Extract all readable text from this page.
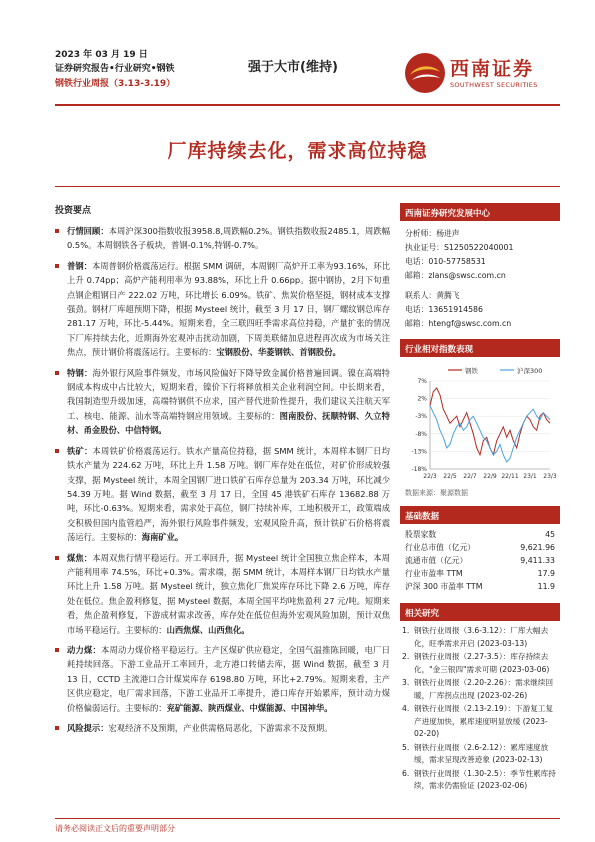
2023 年 03 月 19 日
证券研究报告•行业研究•钢铁
钢铁行业周报（3.13-3.19）
强于大市(维持)	西南证券
SOUTHWEST SECURITIES
厂库持续去化，需求高位持稳
投资要点
行情回顾：本周沪深300指数收报3958.8,周跌幅0.2%。钢铁指数收报2485.1，周跌幅0.5%。本周钢铁各子板块，普钢-0.1%,特钢-0.7%。
普钢：本周普钢价格震荡运行。根据 SMM 调研，本周钢厂高炉开工率为93.16%，环比上升 0.74pp；高炉产能利用率为 93.88%，环比上升 0.66pp。据中钢协，2月下旬重点钢企粗钢日产 222.02 万吨，环比增长 6.09%。铁矿、焦炭价格坚挺，钢材成本支撑强劲。钢材厂库超预期下降，根据 Mysteel 统计，截至 3 月 17 日，钢厂螺纹钢总库存 281.17 万吨，环比-5.44%。短期来看，全三联四旺季需求高位持稳，产量扩张的情况下厂库持续去化，近期海外宏观冲击扰动加剧，下周美联储加息进程再次成为市场关注焦点，预计钢价将震荡运行。主要标的：宝钢股份、华菱钢铁、首钢股份。
特钢：海外银行风险事件频发，市场风险偏好下降导致金属价格普遍回调。镍在高端特钢成本构成中占比较大，短期来看，镍价下行将释放相关企业利润空间。中长期来看，我国制造型升级加速，高端特钢供不应求，国产替代进阶性提升，我们建议关注航天军工、核电、能源、汕水等高端特钢应用领域。主要标的：图南股份、抚顺特钢、久立特材、甬金股份、中信特钢。
铁矿：本周铁矿价格震荡运行。铁水产量高位持稳，据 SMM 统计，本周样本钢厂日均铁水产量为 224.62 万吨，环比上升 1.58 万吨。钢厂库存处在低位，对矿价形成较强支撑，据 Mysteel 统计，本周全国钢厂进口铁矿石库存总量为 203.34 万吨，环比减少 54.39 万吨。据 Wind 数据，截至 3 月 17 日，全国 45 港铁矿石库存 13682.88 万吨，环比-0.63%。短期来看，需求处于高位，钢厂持续补库，工地积极开工，政策端成交积极但国内监管趋严，海外银行风险事件频发，宏观风险升高，预计铁矿石价格将震荡运行。主要标的：海南矿业。
煤焦：本周双焦行情平稳运行。开工率回升，据 Mysteel 统计全国独立焦企样本，本周产能利用率 74.5%，环比+0.3%。需求端，据 SMM 统计，本周样本钢厂日均铁水产量环比上升 1.58 万吨。据 Mysteel 统计，独立焦化厂焦炭库存环比下降 2.6 万吨，库存处在低位。焦企盈利修复，据 Mysteel 数据，本周全国平均吨焦盈利 27 元/吨。短期来看，焦企盈利修复，下游成材需求改善，库存处在低位但海外宏观风险加剧，预计双焦市场平稳运行。主要标的：山西焦煤、山西焦化。
动力煤：本周动力煤价格平稳运行。主产区煤矿供应稳定，全国气温推陈回暖，电厂日耗持续回落。下游工业品开工率回升，北方港口转储去库，据 Wind 数据，截至 3 月 13 日，CCTD 主流港口合计煤炭库存 6198.80 万吨，环比+2.79%。短期来看，主产区供应稳定，电厂需求回落，下游工业品开工率提升，港口库存开始累库，预计动力煤价格偏弱运行。主要标的：兖矿能源、陕西煤业、中煤能源、中国神华。
风险提示：宏观经济不及预期，产业供需格局恶化，下游需求不及预期。
西南证券研究发展中心
分析师：杨进声
执业证号：S1250522040001
电话：010-57758531
邮箱：zlans@swsc.com.cn
联系人：黄腾飞
电话：13651914586
邮箱：htengf@swsc.com.cn
行业相对指数表现
钢铁	沪深300
7%
2%
-3%
-8%
-13%
-18%
22/3 22/5 22/7 22/9 22/11 23/1 23/3
数据来源：聚源数据
基础数据
股票家数	45
行业总市值（亿元）	9,621.96
流通市值（亿元）	9,411.33
行业市盈率 TTM	17.9
沪深 300 市盈率 TTM	11.9
相关研究
1. 钢铁行业周报（3.6-3.12）：厂库大幅去化，旺季需求开启 (2023-03-13)
2. 钢铁行业周报（2.27-3.5）：库存持续去化，"金三银四"需求可期 (2023-03-06)
3. 钢铁行业周报（2.20-2.26）：需求继续回暖，厂库拐点出现 (2023-02-26)
4. 钢铁行业周报（2.13-2.19）：下游复工复产进度加快，累库速度明显放缓 (2023-02-20)
5. 钢铁行业周报（2.6-2.12）：累库速度放缓，需求呈现改善迹象 (2023-02-13)
6. 钢铁行业周报（1.30-2.5）：季节性累库持续，需求仍需验证 (2023-02-06)
请务必阅读正文后的重要声明部分
